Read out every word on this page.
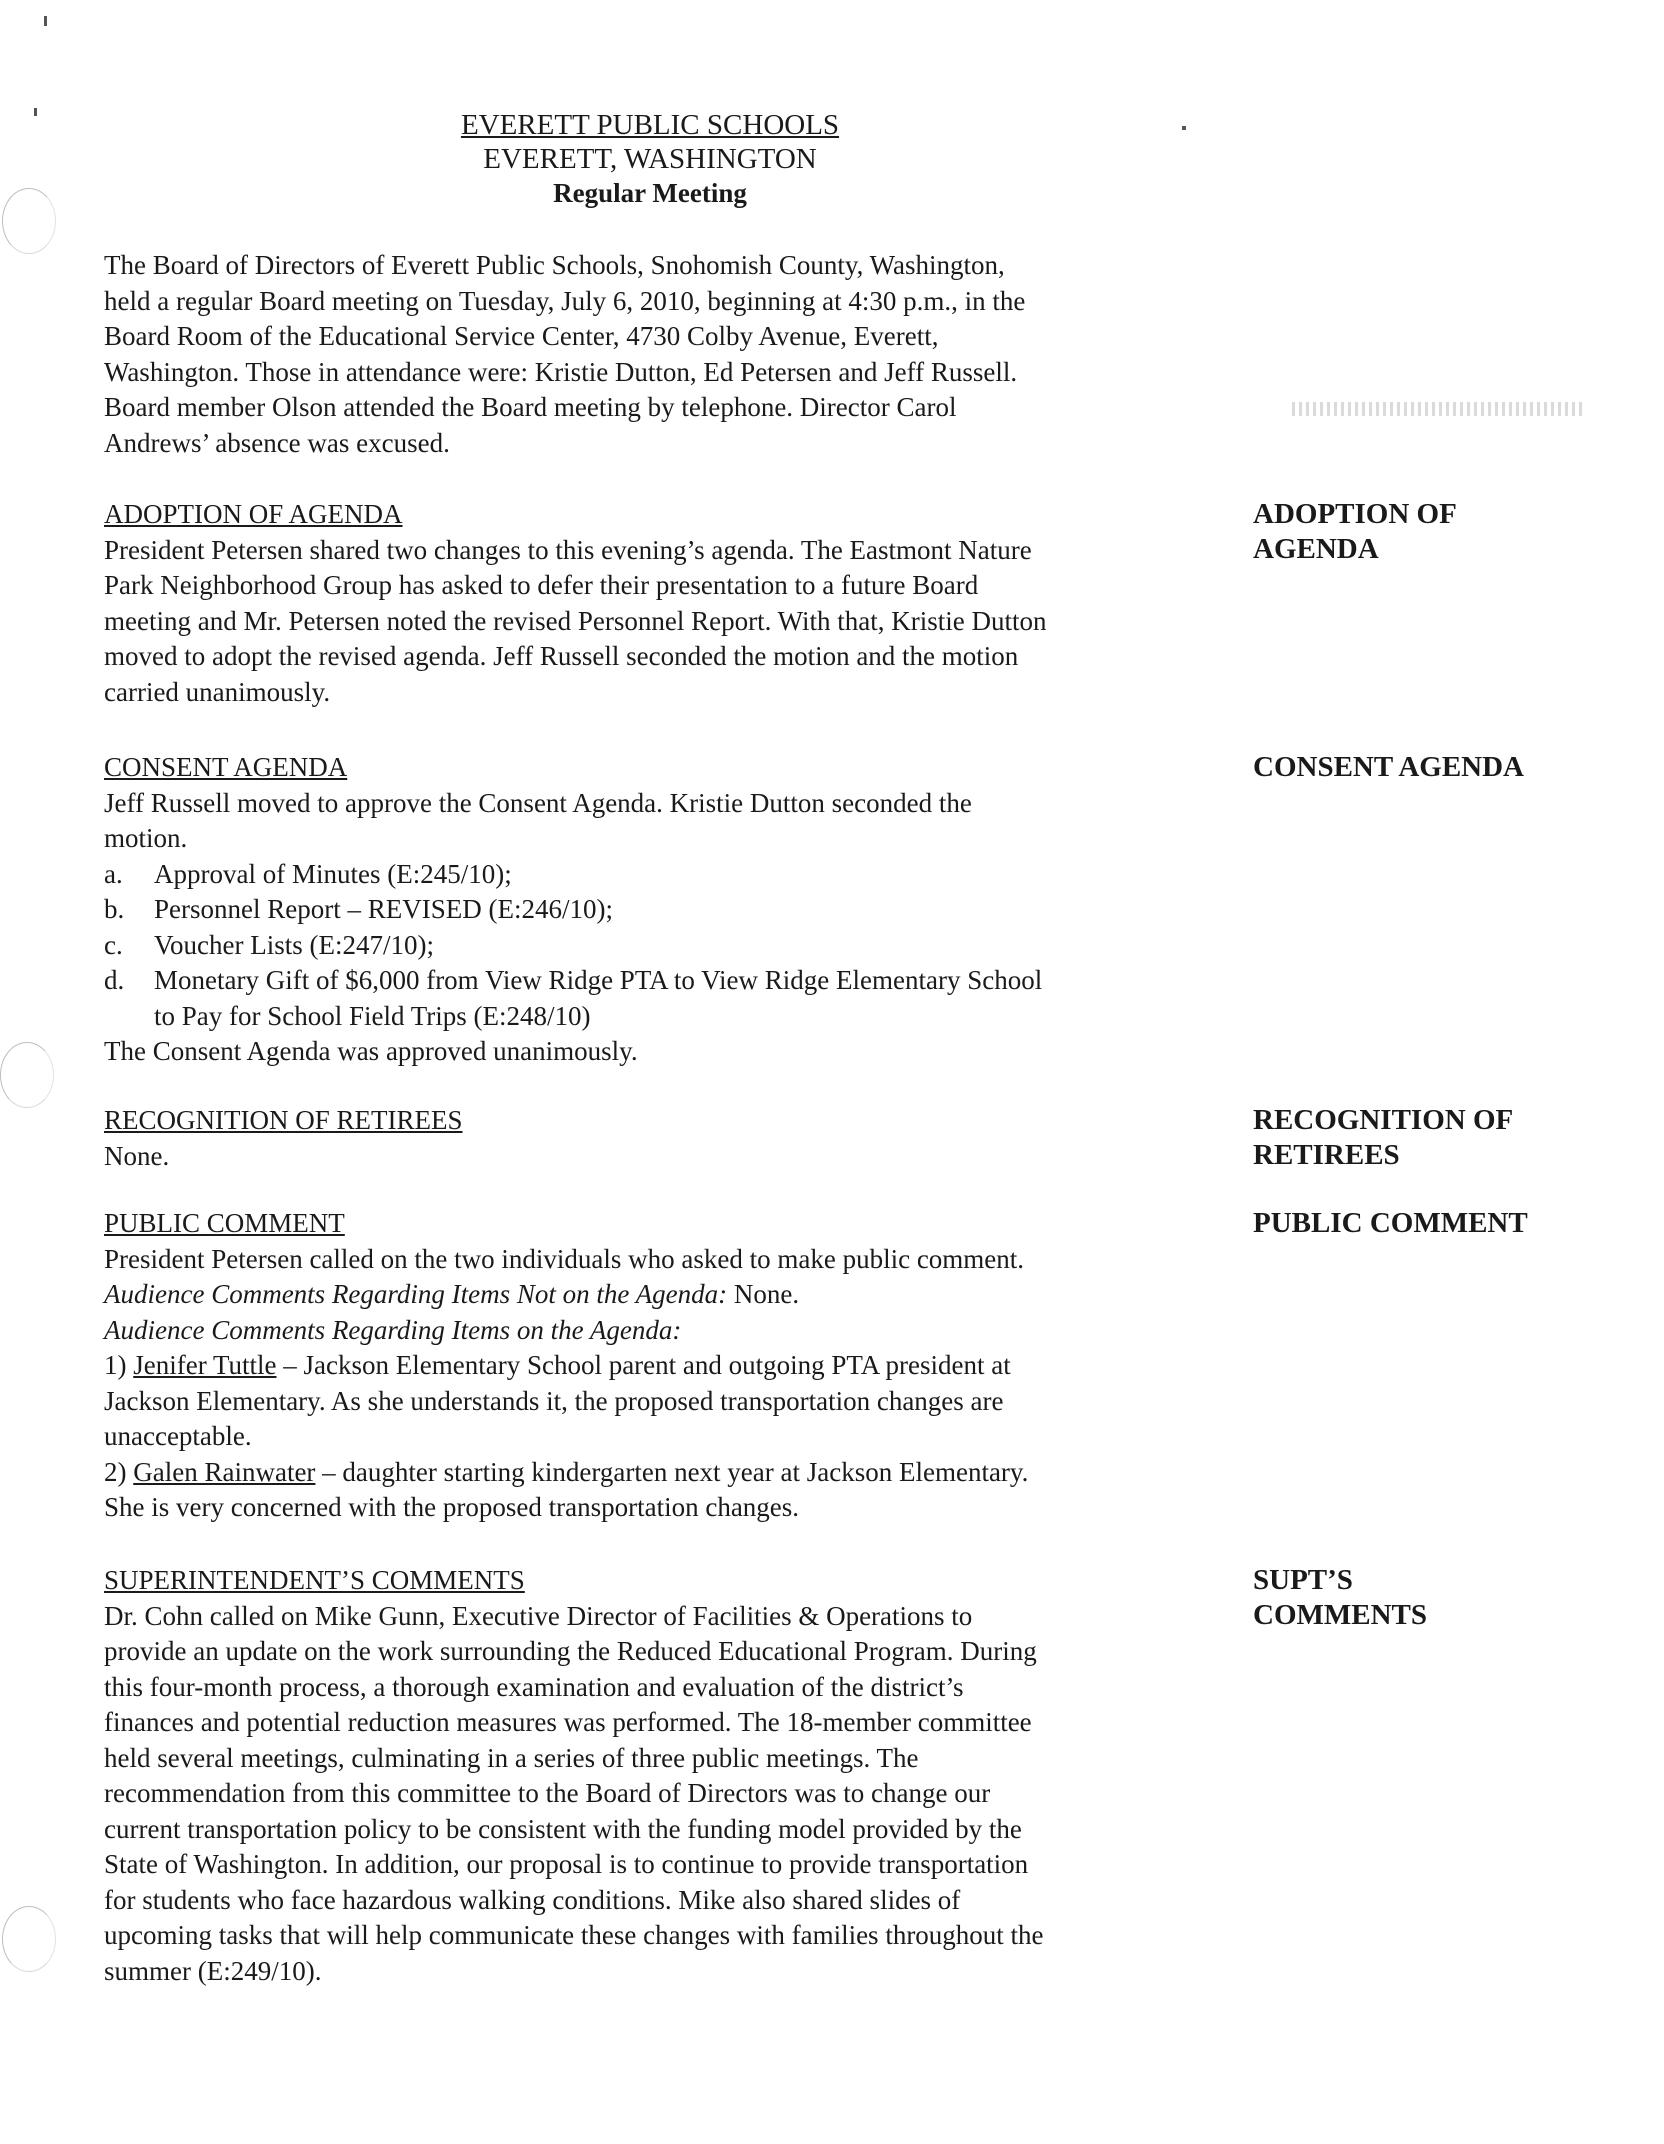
EVERETT PUBLIC SCHOOLS
EVERETT, WASHINGTON
Regular Meeting
The Board of Directors of Everett Public Schools, Snohomish County, Washington,
held a regular Board meeting on Tuesday, July 6, 2010, beginning at 4:30 p.m., in the
Board Room of the Educational Service Center, 4730 Colby Avenue, Everett,
Washington. Those in attendance were: Kristie Dutton, Ed Petersen and Jeff Russell.
Board member Olson attended the Board meeting by telephone. Director Carol
Andrews’ absence was excused.
ADOPTION OF AGENDA
President Petersen shared two changes to this evening’s agenda. The Eastmont Nature
Park Neighborhood Group has asked to defer their presentation to a future Board
meeting and Mr. Petersen noted the revised Personnel Report. With that, Kristie Dutton
moved to adopt the revised agenda. Jeff Russell seconded the motion and the motion
carried unanimously.
ADOPTION OF
AGENDA
CONSENT AGENDA
Jeff Russell moved to approve the Consent Agenda. Kristie Dutton seconded the
motion.
a. Approval of Minutes (E:245/10);
b. Personnel Report – REVISED (E:246/10);
c. Voucher Lists (E:247/10);
d. Monetary Gift of $6,000 from View Ridge PTA to View Ridge Elementary School
to Pay for School Field Trips (E:248/10)
The Consent Agenda was approved unanimously.
CONSENT AGENDA
RECOGNITION OF RETIREES
None.
RECOGNITION OF
RETIREES
PUBLIC COMMENT
President Petersen called on the two individuals who asked to make public comment.
Audience Comments Regarding Items Not on the Agenda: None.
Audience Comments Regarding Items on the Agenda:
1) Jenifer Tuttle – Jackson Elementary School parent and outgoing PTA president at
Jackson Elementary. As she understands it, the proposed transportation changes are
unacceptable.
2) Galen Rainwater – daughter starting kindergarten next year at Jackson Elementary.
She is very concerned with the proposed transportation changes.
PUBLIC COMMENT
SUPERINTENDENT’S COMMENTS
Dr. Cohn called on Mike Gunn, Executive Director of Facilities & Operations to
provide an update on the work surrounding the Reduced Educational Program. During
this four-month process, a thorough examination and evaluation of the district’s
finances and potential reduction measures was performed. The 18-member committee
held several meetings, culminating in a series of three public meetings. The
recommendation from this committee to the Board of Directors was to change our
current transportation policy to be consistent with the funding model provided by the
State of Washington. In addition, our proposal is to continue to provide transportation
for students who face hazardous walking conditions. Mike also shared slides of
upcoming tasks that will help communicate these changes with families throughout the
summer (E:249/10).

SUPT’S
COMMENTS
